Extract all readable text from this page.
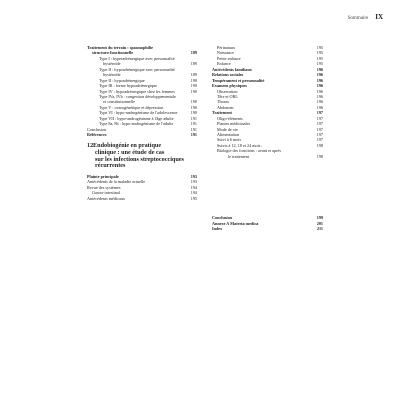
Sommaire IX
Traitement du terrain : spasmophilie
structuro-fonctionnelle	189
Type I : hyperadrénergique avec personnalité
hystéroïde	189
Type II : hypoadrénergique avec personnalité
hystéroïde	189
Type II : hypoadrénergique	190
Type III : forme hypoadrénergique	190
Type IV : hypoadrénergique chez les femmes	190
Type IVa, IVb : congestion développementale
et constitutionnelle	190
Type V : ovarogénétique et dépression	190
Type VI : hypo-androgénisme de l'adolescence	190
Type VII : hypo-androgénisme à l'âge adulte	191
Type 8a, 8b : hypo-androgénisme de l'adulte	191
Conclusion	191
Références	191
12.Endobiogénie en pratique
clinique : une étude de cas
sur les infections streptococciques
récurrentes
Plainte principale	193
Antécédents de la maladie actuelle	193
Revue des systèmes	194
Gastro-intestinal	194
Antécédents médicaux	195
Périnataux	195
Naissance	195
Petite enfance	195
Enfance	195
Antécédents familiaux	196
Relations sociales	196
Tempérament et personnalité	196
Examens physiques	196
Observation	196
Tête et ORL	196
Thorax	196
Abdomen	196
Traitement	197
Oligo-éléments	197
Plantes médicinales	197
Mode de vie	197
Alimentation	197
Suivi à 6 mois	197
Suivis à 12, 18 et 24 mois :	198
Biologie des fonctions : avant et après
le traitement	198
Conclusion	199
Annexe A Materia medica	201
Index	211
